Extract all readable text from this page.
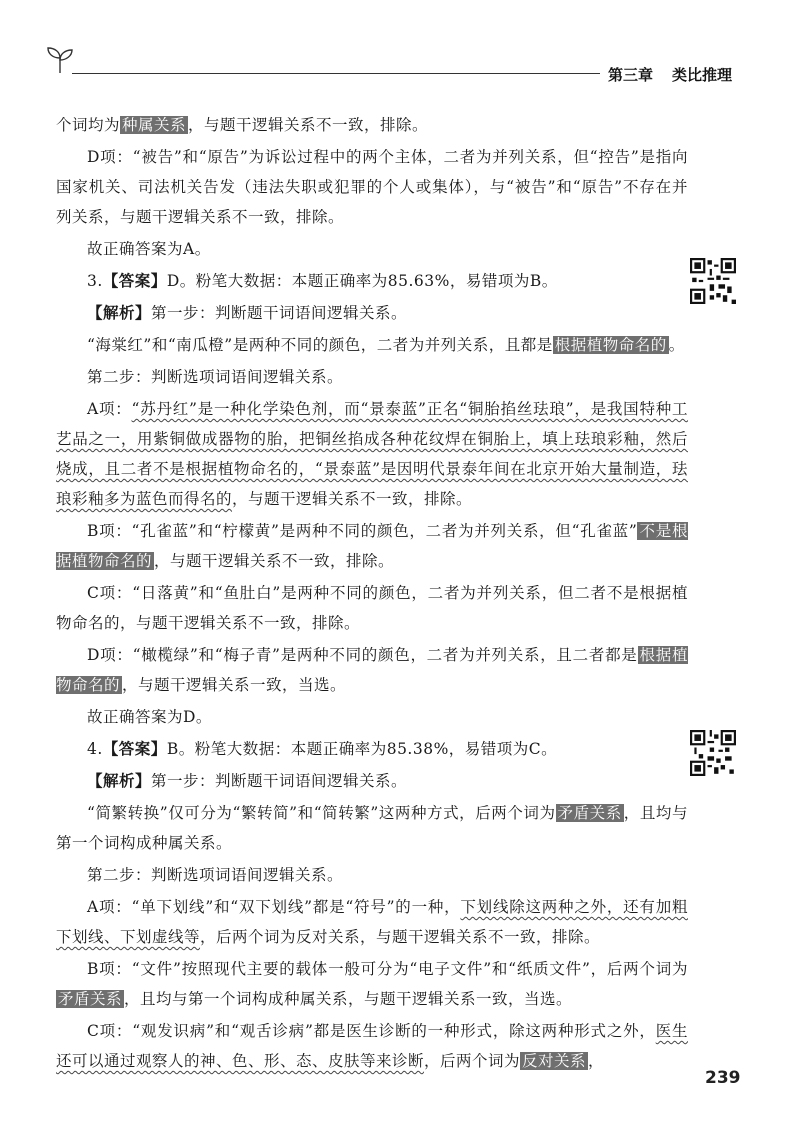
第三章 类比推理

个词均为 种属关系 ，与题干逻辑关系不一致，排除。

D项：“被告”和“原告”为诉讼过程中的两个主体，二者为并列关系，但“控告”是指向国家机关、司法机关告发（违法失职或犯罪的个人或集体），与“被告”和“原告”不存在并列关系，与题干逻辑关系不一致，排除。

故正确答案为A。

3.【答案】D。粉笔大数据：本题正确率为85.63%，易错项为B。

【解析】第一步：判断题干词语间逻辑关系。

“海棠红”和“南瓜橙”是两种不同的颜色，二者为并列关系，且都是 根据植物命名的 。

第二步：判断选项词语间逻辑关系。

A项：“苏丹红”是一种化学染色剂，而“景泰蓝”正名“铜胎掐丝珐琅”，是我国特种工艺品之一，用紫铜做成器物的胎，把铜丝掐成各种花纹焊在铜胎上，填上珐琅彩釉，然后烧成，且二者不是根据植物命名的，“景泰蓝”是因明代景泰年间在北京开始大量制造，珐琅彩釉多为蓝色而得名的，与题干逻辑关系不一致，排除。

B项：“孔雀蓝”和“柠檬黄”是两种不同的颜色，二者为并列关系，但“孔雀蓝” 不是根据植物命名的 ，与题干逻辑关系不一致，排除。

C项：“日落黄”和“鱼肚白”是两种不同的颜色，二者为并列关系，但二者不是根据植物命名的，与题干逻辑关系不一致，排除。

D项：“橄榄绿”和“梅子青”是两种不同的颜色，二者为并列关系，且二者都是 根据植物命名的 ，与题干逻辑关系一致，当选。

故正确答案为D。

4.【答案】B。粉笔大数据：本题正确率为85.38%，易错项为C。

【解析】第一步：判断题干词语间逻辑关系。

“简繁转换”仅可分为“繁转简”和“简转繁”这两种方式，后两个词为 矛盾关系 ，且均与第一个词构成种属关系。

第二步：判断选项词语间逻辑关系。

A项：“单下划线”和“双下划线”都是“符号”的一种，下划线除这两种之外，还有加粗下划线、下划虚线等，后两个词为反对关系，与题干逻辑关系不一致，排除。

B项：“文件”按照现代主要的载体一般可分为“电子文件”和“纸质文件”，后两个词为矛盾关系 ，且均与第一个词构成种属关系，与题干逻辑关系一致，当选。

C项：“观发识病”和“观舌诊病”都是医生诊断的一种形式，除这两种形式之外，医生还可以通过观察人的神、色、形、态、皮肤等来诊断，后两个词为 反对关系 ，

239
